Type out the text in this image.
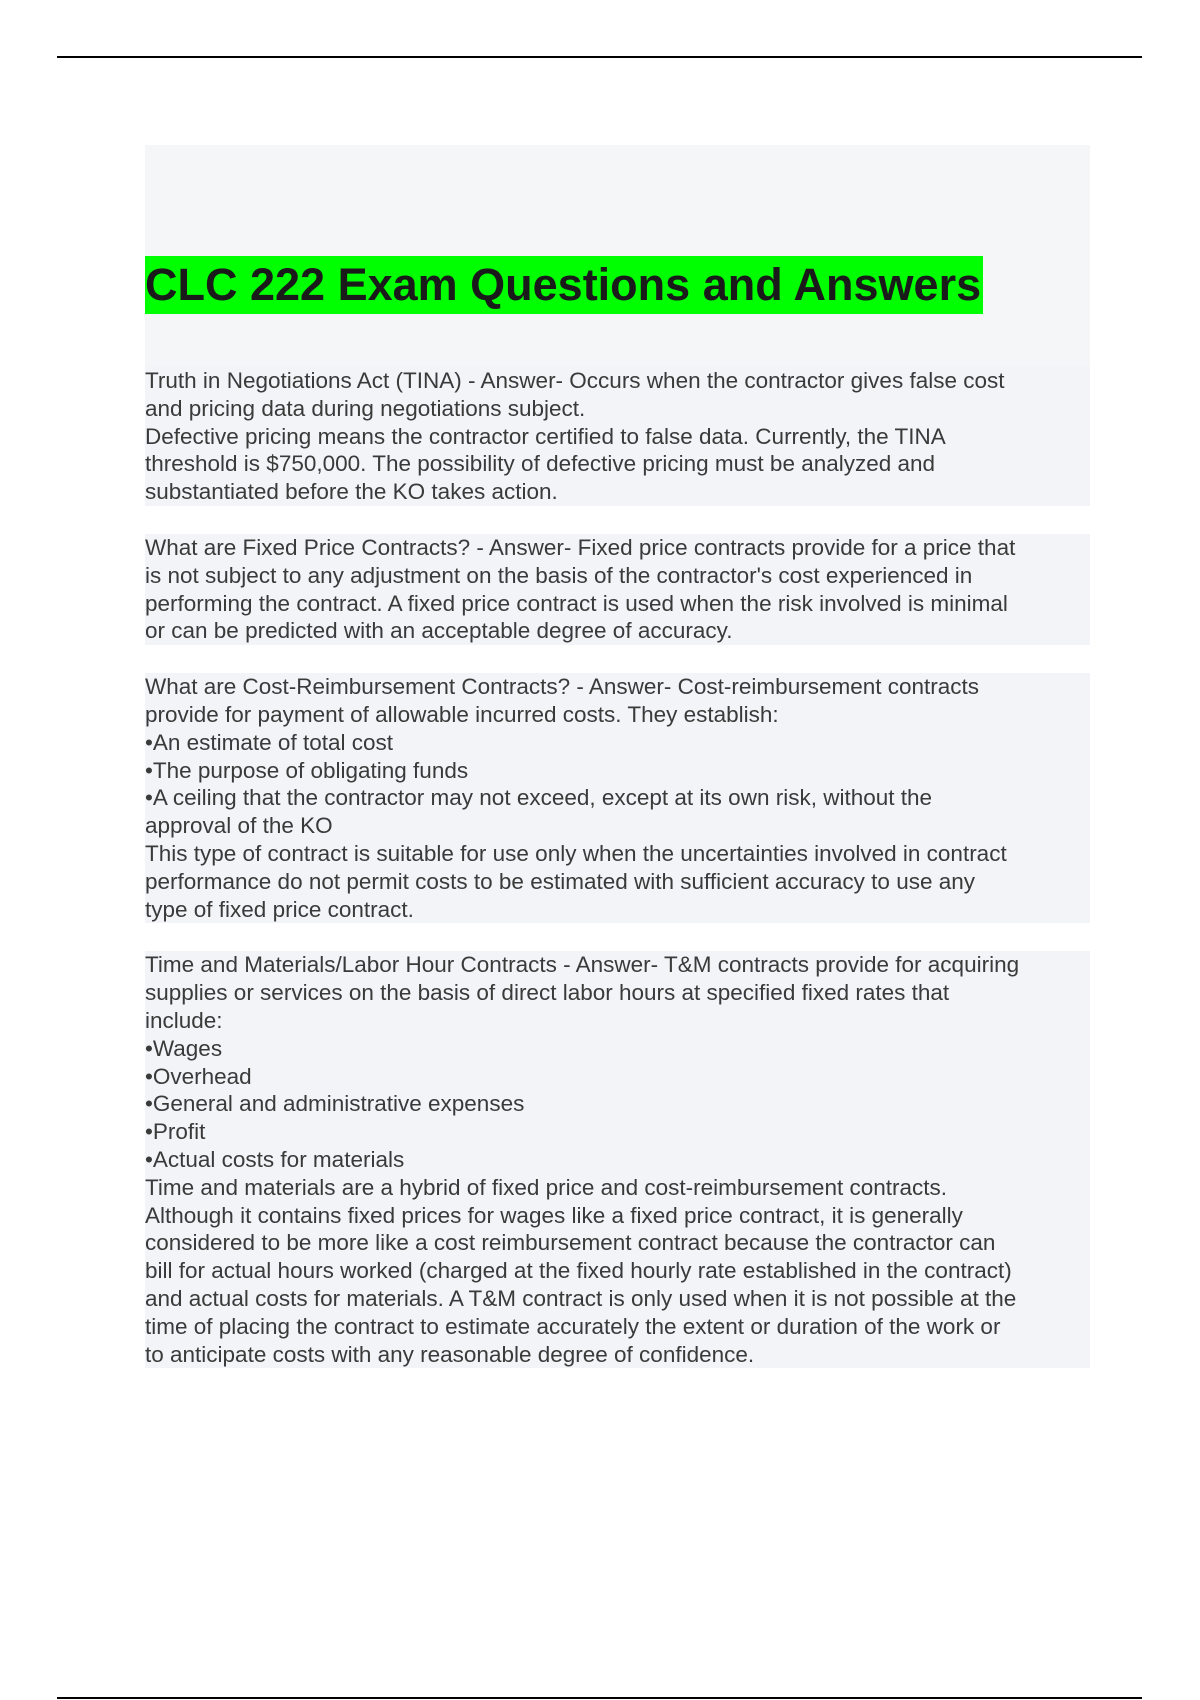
CLC 222 Exam Questions and Answers
Truth in Negotiations Act (TINA) - Answer- Occurs when the contractor gives false cost
and pricing data during negotiations subject.
Defective pricing means the contractor certified to false data. Currently, the TINA
threshold is $750,000. The possibility of defective pricing must be analyzed and
substantiated before the KO takes action.
What are Fixed Price Contracts? - Answer- Fixed price contracts provide for a price that
is not subject to any adjustment on the basis of the contractor's cost experienced in
performing the contract. A fixed price contract is used when the risk involved is minimal
or can be predicted with an acceptable degree of accuracy.
What are Cost-Reimbursement Contracts? - Answer- Cost-reimbursement contracts
provide for payment of allowable incurred costs. They establish:
•An estimate of total cost
•The purpose of obligating funds
•A ceiling that the contractor may not exceed, except at its own risk, without the
approval of the KO
This type of contract is suitable for use only when the uncertainties involved in contract
performance do not permit costs to be estimated with sufficient accuracy to use any
type of fixed price contract.
Time and Materials/Labor Hour Contracts - Answer- T&M contracts provide for acquiring
supplies or services on the basis of direct labor hours at specified fixed rates that
include:
•Wages
•Overhead
•General and administrative expenses
•Profit
•Actual costs for materials
Time and materials are a hybrid of fixed price and cost-reimbursement contracts.
Although it contains fixed prices for wages like a fixed price contract, it is generally
considered to be more like a cost reimbursement contract because the contractor can
bill for actual hours worked (charged at the fixed hourly rate established in the contract)
and actual costs for materials. A T&M contract is only used when it is not possible at the
time of placing the contract to estimate accurately the extent or duration of the work or
to anticipate costs with any reasonable degree of confidence.
